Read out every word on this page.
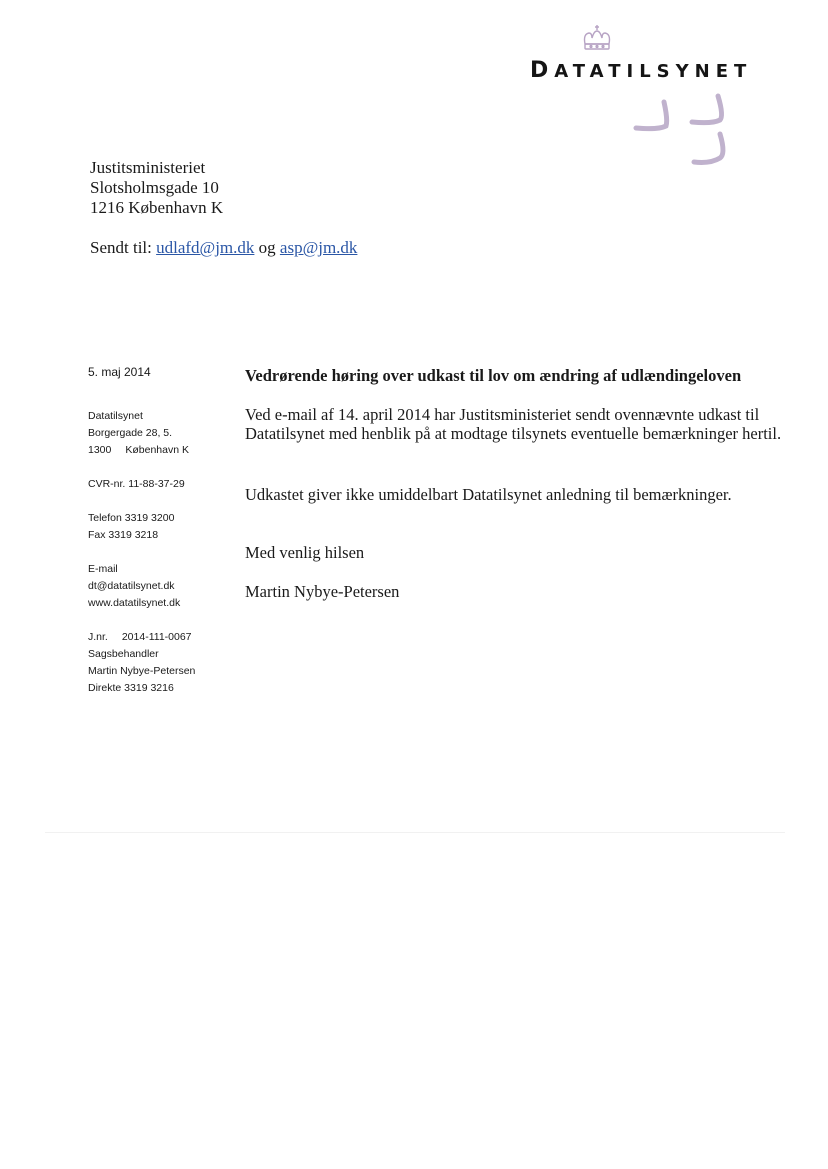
DATATILSYNET
Justitsministeriet
Slotsholmsgade 10
1216 København K
Sendt til: udlafd@jm.dk og asp@jm.dk
5. maj 2014
Datatilsynet
Borgergade 28, 5.
1300 København K
CVR-nr. 11-88-37-29
Telefon 3319 3200
Fax 3319 3218
E-mail
dt@datatilsynet.dk
www.datatilsynet.dk
J.nr. 2014-111-0067
Sagsbehandler
Martin Nybye-Petersen
Direkte 3319 3216
Vedrørende høring over udkast til lov om ændring af udlændingeloven
Ved e-mail af 14. april 2014 har Justitsministeriet sendt ovennævnte udkast til Datatilsynet med henblik på at modtage tilsynets eventuelle bemærkninger hertil.
Udkastet giver ikke umiddelbart Datatilsynet anledning til bemærkninger.
Med venlig hilsen
Martin Nybye-Petersen
